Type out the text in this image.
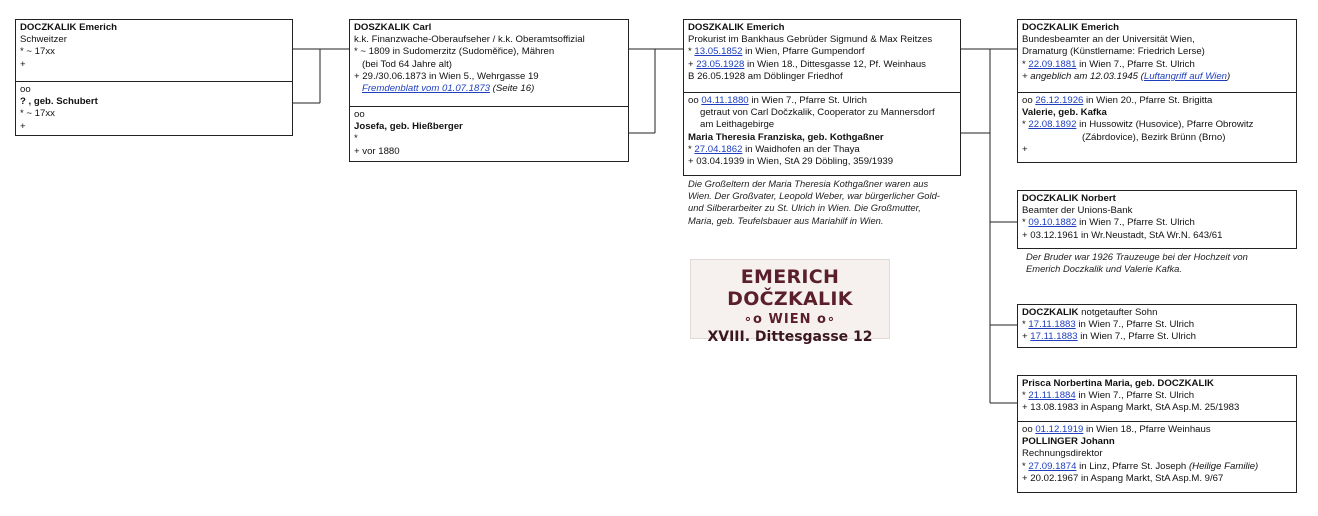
DOCZKALIK Emerich
Schweitzer
* ~ 17xx
+
oo
? , geb. Schubert
* ~ 17xx
+
DOSZKALIK Carl
k.k. Finanzwache-Oberaufseher / k.k. Oberamtsoffizial
* ~ 1809 in Sudomerzitz (Sudoměřice), Mähren
(bei Tod 64 Jahre alt)
+ 29./30.06.1873 in Wien 5., Wehrgasse 19
Fremdenblatt vom 01.07.1873 (Seite 16)
oo
Josefa, geb. Hießberger
*
+ vor 1880
DOSZKALIK Emerich
Prokurist im Bankhaus Gebrüder Sigmund & Max Reitzes
* 13.05.1852 in Wien, Pfarre Gumpendorf
+ 23.05.1928 in Wien 18., Dittesgasse 12, Pf. Weinhaus
B 26.05.1928 am Döblinger Friedhof
oo 04.11.1880 in Wien 7., Pfarre St. Ulrich
getraut von Carl Dočzkalik, Cooperator zu Mannersdorf
am Leithagebirge
Maria Theresia Franziska, geb. Kothgaßner
* 27.04.1862 in Waidhofen an der Thaya
+ 03.04.1939 in Wien, StA 29 Döbling, 359/1939
Die Großeltern der Maria Theresia Kothgaßner waren aus
Wien. Der Großvater, Leopold Weber, war bürgerlicher Gold-
und Silberarbeiter zu St. Ulrich in Wien. Die Großmutter,
Maria, geb. Teufelsbauer aus Mariahilf in Wien.
EMERICH DOČZKALIK
∘o WIEN o∘
XVIII. Dittesgasse 12
DOCZKALIK Emerich
Bundesbeamter an der Universität Wien,
Dramaturg (Künstlername: Friedrich Lerse)
* 22.09.1881 in Wien 7., Pfarre St. Ulrich
+ angeblich am 12.03.1945 (Luftangriff auf Wien)
oo 26.12.1926 in Wien 20., Pfarre St. Brigitta
Valerie, geb. Kafka
* 22.08.1892 in Hussowitz (Husovice), Pfarre Obrowitz
(Zábrdovice), Bezirk Brünn (Brno)
+
DOCZKALIK Norbert
Beamter der Unions-Bank
* 09.10.1882 in Wien 7., Pfarre St. Ulrich
+ 03.12.1961 in Wr.Neustadt, StA Wr.N. 643/61
Der Bruder war 1926 Trauzeuge bei der Hochzeit von
Emerich Doczkalik und Valerie Kafka.
DOCZKALIK notgetaufter Sohn
* 17.11.1883 in Wien 7., Pfarre St. Ulrich
+ 17.11.1883 in Wien 7., Pfarre St. Ulrich
Prisca Norbertina Maria, geb. DOCZKALIK
* 21.11.1884 in Wien 7., Pfarre St. Ulrich
+ 13.08.1983 in Aspang Markt, StA Asp.M. 25/1983
oo 01.12.1919 in Wien 18., Pfarre Weinhaus
POLLINGER Johann
Rechnungsdirektor
* 27.09.1874 in Linz, Pfarre St. Joseph (Heilige Familie)
+ 20.02.1967 in Aspang Markt, StA Asp.M. 9/67
